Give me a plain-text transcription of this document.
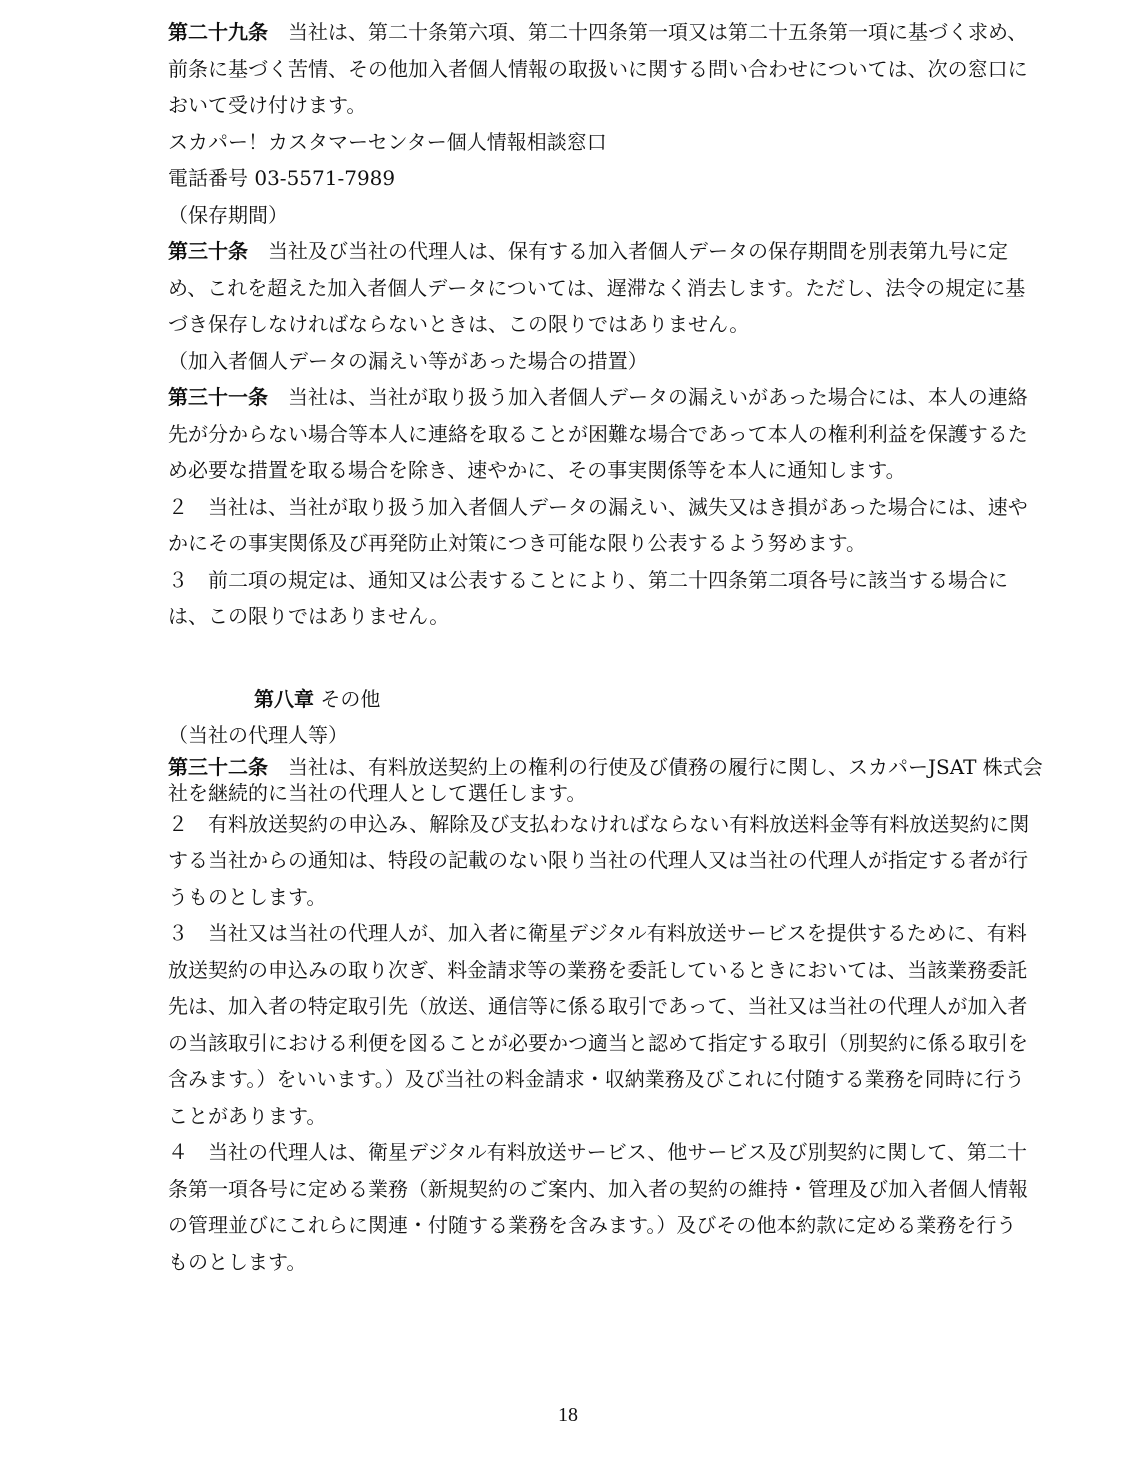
第二十九条 当社は、第二十条第六項、第二十四条第一項又は第二十五条第一項に基づく求め、
前条に基づく苦情、その他加入者個人情報の取扱いに関する問い合わせについては、次の窓口に
おいて受け付けます。
スカパー！カスタマーセンター個人情報相談窓口
電話番号 03-5571-7989
（保存期間）
第三十条 当社及び当社の代理人は、保有する加入者個人データの保存期間を別表第九号に定
め、これを超えた加入者個人データについては、遅滞なく消去します。ただし、法令の規定に基
づき保存しなければならないときは、この限りではありません。
（加入者個人データの漏えい等があった場合の措置）
第三十一条 当社は、当社が取り扱う加入者個人データの漏えいがあった場合には、本人の連絡
先が分からない場合等本人に連絡を取ることが困難な場合であって本人の権利利益を保護するた
め必要な措置を取る場合を除き、速やかに、その事実関係等を本人に通知します。
２　当社は、当社が取り扱う加入者個人データの漏えい、滅失又はき損があった場合には、速や
かにその事実関係及び再発防止対策につき可能な限り公表するよう努めます。
３　前二項の規定は、通知又は公表することにより、第二十四条第二項各号に該当する場合に
は、この限りではありません。
第八章 その他
（当社の代理人等）
第三十二条 当社は、有料放送契約上の権利の行使及び債務の履行に関し、スカパーJSAT 株式会
社を継続的に当社の代理人として選任します。
２　有料放送契約の申込み、解除及び支払わなければならない有料放送料金等有料放送契約に関
する当社からの通知は、特段の記載のない限り当社の代理人又は当社の代理人が指定する者が行
うものとします。
３　当社又は当社の代理人が、加入者に衛星デジタル有料放送サービスを提供するために、有料
放送契約の申込みの取り次ぎ、料金請求等の業務を委託しているときにおいては、当該業務委託
先は、加入者の特定取引先（放送、通信等に係る取引であって、当社又は当社の代理人が加入者
の当該取引における利便を図ることが必要かつ適当と認めて指定する取引（別契約に係る取引を
含みます。）をいいます。）及び当社の料金請求・収納業務及びこれに付随する業務を同時に行う
ことがあります。
４　当社の代理人は、衛星デジタル有料放送サービス、他サービス及び別契約に関して、第二十
条第一項各号に定める業務（新規契約のご案内、加入者の契約の維持・管理及び加入者個人情報
の管理並びにこれらに関連・付随する業務を含みます。）及びその他本約款に定める業務を行う
ものとします。
18
